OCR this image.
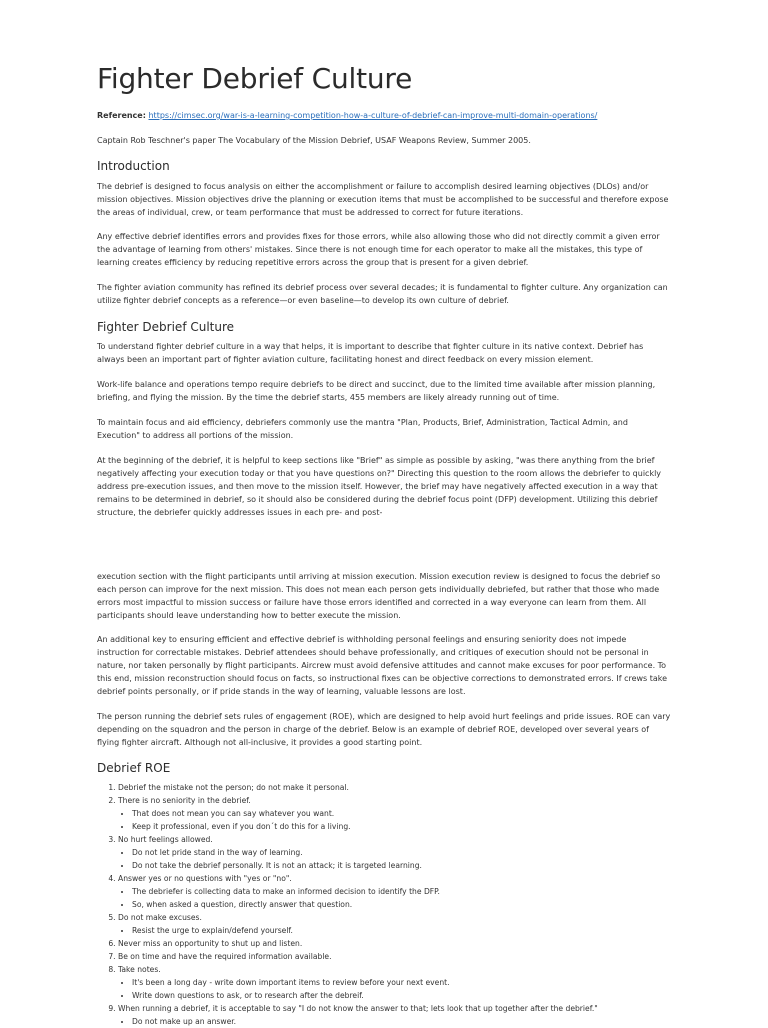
Fighter Debrief Culture

Reference: https://cimsec.org/war-is-a-learning-competition-how-a-culture-of-debrief-can-improve-multi-domain-operations/

Captain Rob Teschner's paper The Vocabulary of the Mission Debrief, USAF Weapons Review, Summer 2005.

Introduction

The debrief is designed to focus analysis on either the accomplishment or failure to accomplish desired learning objectives (DLOs) and/or mission objectives. Mission objectives drive the planning or execution items that must be accomplished to be successful and therefore expose the areas of individual, crew, or team performance that must be addressed to correct for future iterations.

Any effective debrief identifies errors and provides fixes for those errors, while also allowing those who did not directly commit a given error the advantage of learning from others' mistakes. Since there is not enough time for each operator to make all the mistakes, this type of learning creates efficiency by reducing repetitive errors across the group that is present for a given debrief.

The fighter aviation community has refined its debrief process over several decades; it is fundamental to fighter culture. Any organization can utilize fighter debrief concepts as a reference—or even baseline—to develop its own culture of debrief.

Fighter Debrief Culture

To understand fighter debrief culture in a way that helps, it is important to describe that fighter culture in its native context. Debrief has always been an important part of fighter aviation culture, facilitating honest and direct feedback on every mission element.

Work-life balance and operations tempo require debriefs to be direct and succinct, due to the limited time available after mission planning, briefing, and flying the mission. By the time the debrief starts, 455 members are likely already running out of time.

To maintain focus and aid efficiency, debriefers commonly use the mantra "Plan, Products, Brief, Administration, Tactical Admin, and Execution" to address all portions of the mission.

At the beginning of the debrief, it is helpful to keep sections like "Brief" as simple as possible by asking, "was there anything from the brief negatively affecting your execution today or that you have questions on?" Directing this question to the room allows the debriefer to quickly address pre-execution issues, and then move to the mission itself. However, the brief may have negatively affected execution in a way that remains to be determined in debrief, so it should also be considered during the debrief focus point (DFP) development. Utilizing this debrief structure, the debriefer quickly addresses issues in each pre- and post-

execution section with the flight participants until arriving at mission execution. Mission execution review is designed to focus the debrief so each person can improve for the next mission. This does not mean each person gets individually debriefed, but rather that those who made errors most impactful to mission success or failure have those errors identified and corrected in a way everyone can learn from them. All participants should leave understanding how to better execute the mission.

An additional key to ensuring efficient and effective debrief is withholding personal feelings and ensuring seniority does not impede instruction for correctable mistakes. Debrief attendees should behave professionally, and critiques of execution should not be personal in nature, nor taken personally by flight participants. Aircrew must avoid defensive attitudes and cannot make excuses for poor performance. To this end, mission reconstruction should focus on facts, so instructional fixes can be objective corrections to demonstrated errors. If crews take debrief points personally, or if pride stands in the way of learning, valuable lessons are lost.

The person running the debrief sets rules of engagement (ROE), which are designed to help avoid hurt feelings and pride issues. ROE can vary depending on the squadron and the person in charge of the debrief. Below is an example of debrief ROE, developed over several years of flying fighter aircraft. Although not all-inclusive, it provides a good starting point.

Debrief ROE
1. Debrief the mistake not the person; do not make it personal.
2. There is no seniority in the debrief.
• That does not mean you can say whatever you want.
• Keep it professional, even if you don´t do this for a living.
3. No hurt feelings allowed.
• Do not let pride stand in the way of learning.
• Do not take the debrief personally. It is not an attack; it is targeted learning.
4. Answer yes or no questions with "yes or "no".
• The debriefer is collecting data to make an informed decision to identify the DFP.
• So, when asked a question, directly answer that question.
5. Do not make excuses.
• Resist the urge to explain/defend yourself.
6. Never miss an opportunity to shut up and listen.
7. Be on time and have the required information available.
8. Take notes.
• It's been a long day - write down important items to review before your next event.
• Write down questions to ask, or to research after the debreif.
9. When running a debrief, it is acceptable to say "I do not know the answer to that; lets look that up together after the debrief."
• Do not make up an answer.
